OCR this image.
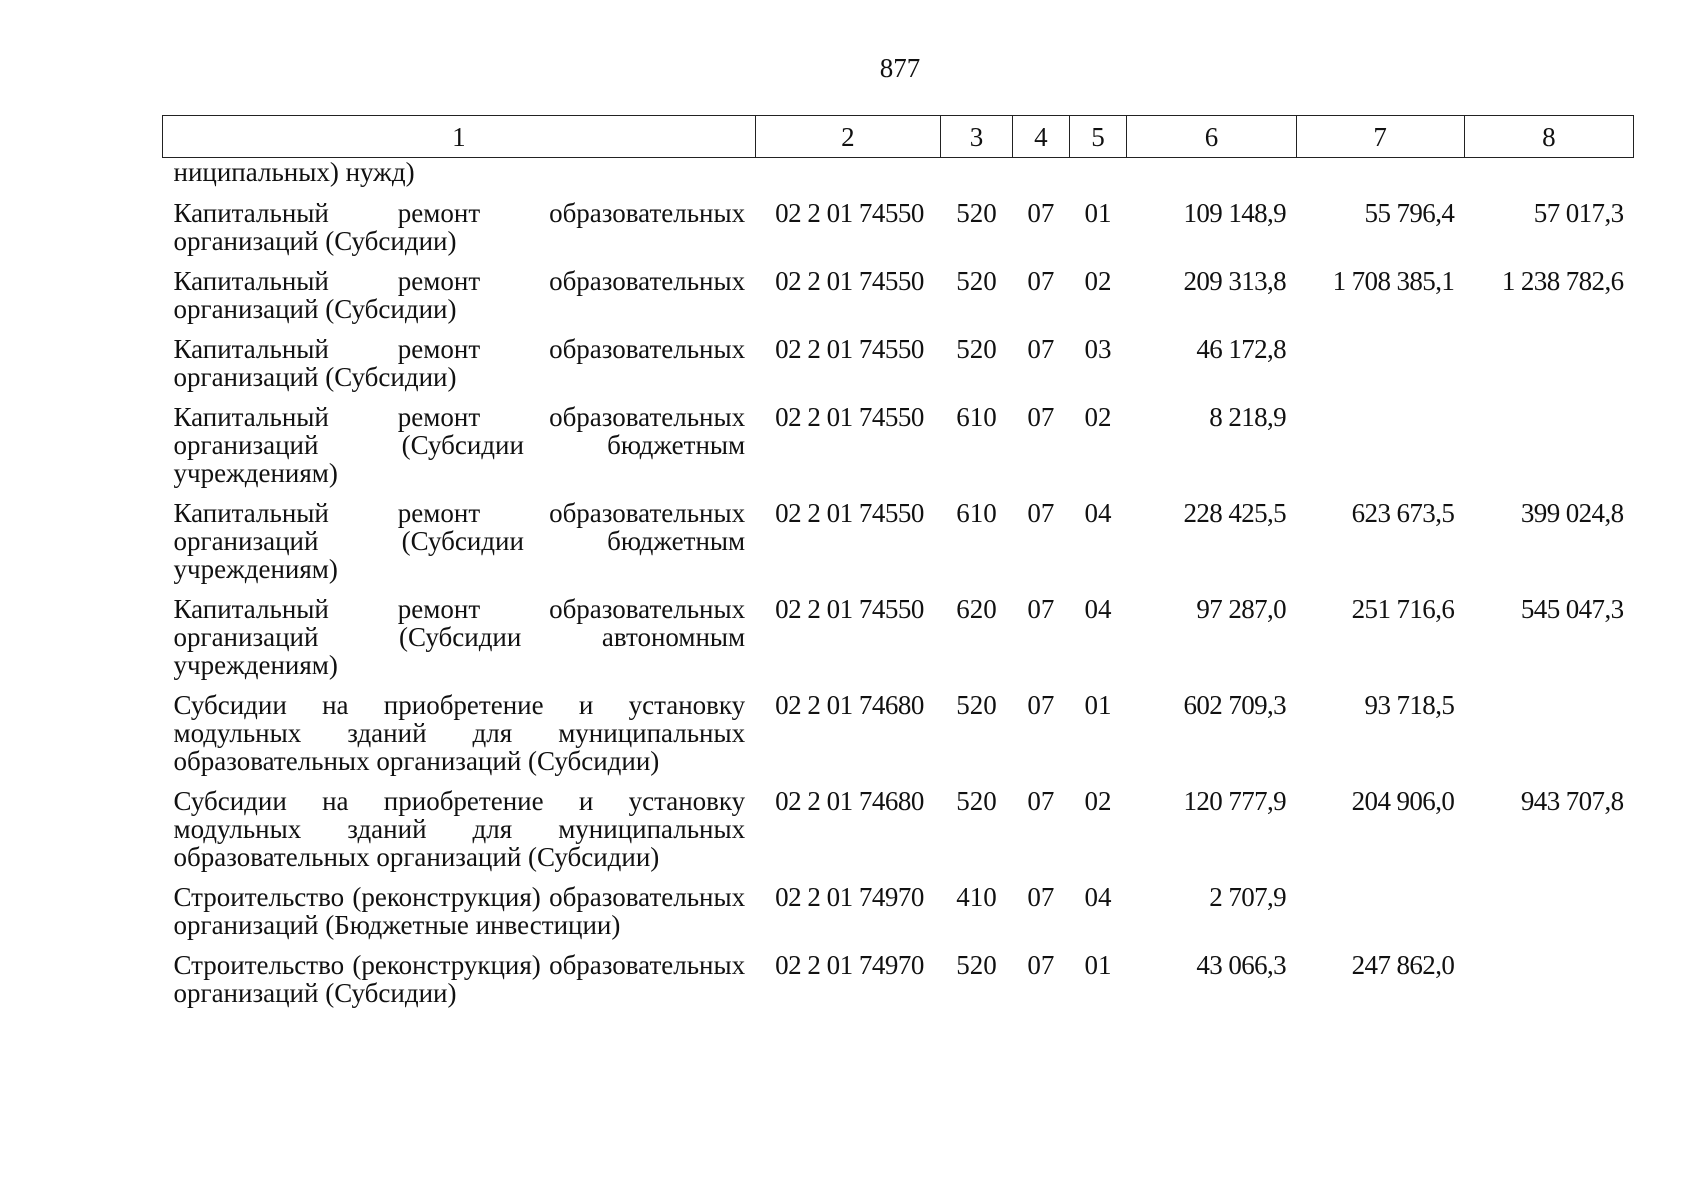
877
1	2	3	4	5	6	7	8
ниципальных) нужд)							
Капитальный ремонт образовательных организаций (Субсидии)	02 2 01 74550	520	07	01	109 148,9	55 796,4	57 017,3
Капитальный ремонт образовательных организаций (Субсидии)	02 2 01 74550	520	07	02	209 313,8	1 708 385,1	1 238 782,6
Капитальный ремонт образовательных организаций (Субсидии)	02 2 01 74550	520	07	03	46 172,8		
Капитальный ремонт образовательных организаций (Субсидии бюджетным учреждениям)	02 2 01 74550	610	07	02	8 218,9		
Капитальный ремонт образовательных организаций (Субсидии бюджетным учреждениям)	02 2 01 74550	610	07	04	228 425,5	623 673,5	399 024,8
Капитальный ремонт образовательных организаций (Субсидии автономным учреждениям)	02 2 01 74550	620	07	04	97 287,0	251 716,6	545 047,3
Субсидии на приобретение и установку модульных зданий для муниципальных образовательных организаций (Субсидии)	02 2 01 74680	520	07	01	602 709,3	93 718,5	
Субсидии на приобретение и установку модульных зданий для муниципальных образовательных организаций (Субсидии)	02 2 01 74680	520	07	02	120 777,9	204 906,0	943 707,8
Строительство (реконструкция) образовательных организаций (Бюджетные инвестиции)	02 2 01 74970	410	07	04	2 707,9		
Строительство (реконструкция) образовательных организаций (Субсидии)	02 2 01 74970	520	07	01	43 066,3	247 862,0	
